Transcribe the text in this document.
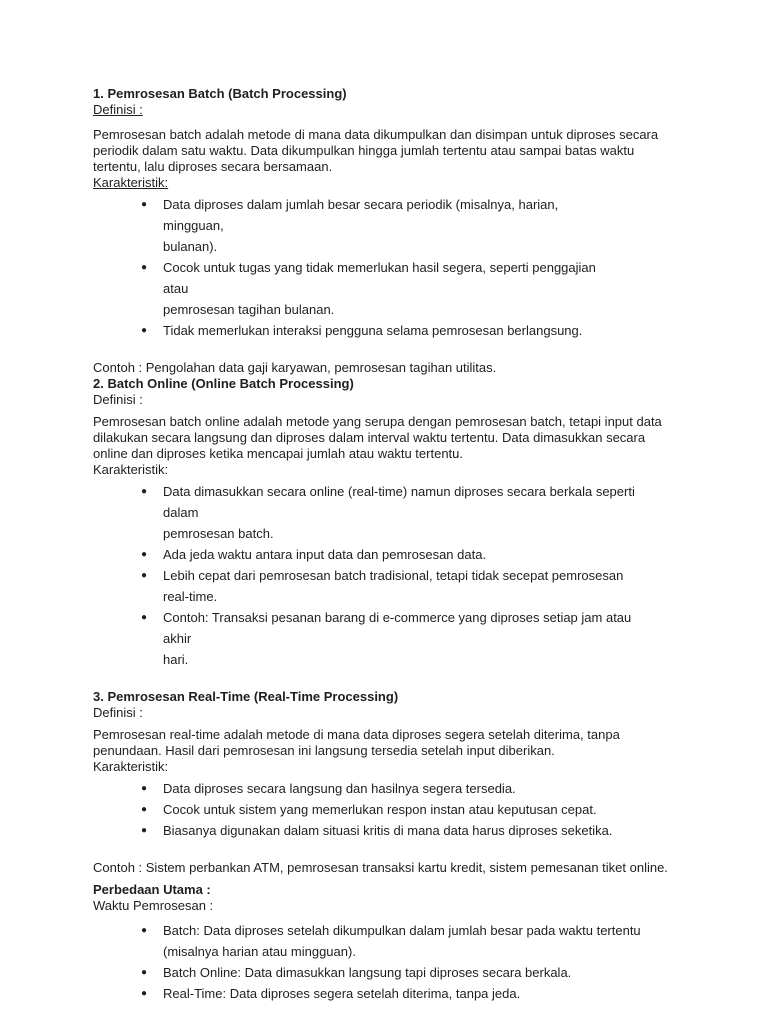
1. Pemrosesan Batch (Batch Processing)
Definisi :
Pemrosesan batch adalah metode di mana data dikumpulkan dan disimpan untuk diproses secara
periodik dalam satu waktu. Data dikumpulkan hingga jumlah tertentu atau sampai batas waktu
tertentu, lalu diproses secara bersamaan.
Karakteristik:
● Data diproses dalam jumlah besar secara periodik (misalnya, harian, mingguan,
bulanan).
● Cocok untuk tugas yang tidak memerlukan hasil segera, seperti penggajian atau
pemrosesan tagihan bulanan.
● Tidak memerlukan interaksi pengguna selama pemrosesan berlangsung.
Contoh : Pengolahan data gaji karyawan, pemrosesan tagihan utilitas.
2. Batch Online (Online Batch Processing)
Definisi :
Pemrosesan batch online adalah metode yang serupa dengan pemrosesan batch, tetapi input data
dilakukan secara langsung dan diproses dalam interval waktu tertentu. Data dimasukkan secara
online dan diproses ketika mencapai jumlah atau waktu tertentu.
Karakteristik:
● Data dimasukkan secara online (real-time) namun diproses secara berkala seperti dalam
pemrosesan batch.
● Ada jeda waktu antara input data dan pemrosesan data.
● Lebih cepat dari pemrosesan batch tradisional, tetapi tidak secepat pemrosesan
real-time.
● Contoh: Transaksi pesanan barang di e-commerce yang diproses setiap jam atau akhir
hari.
3. Pemrosesan Real-Time (Real-Time Processing)
Definisi :
Pemrosesan real-time adalah metode di mana data diproses segera setelah diterima, tanpa
penundaan. Hasil dari pemrosesan ini langsung tersedia setelah input diberikan.
Karakteristik:
● Data diproses secara langsung dan hasilnya segera tersedia.
● Cocok untuk sistem yang memerlukan respon instan atau keputusan cepat.
● Biasanya digunakan dalam situasi kritis di mana data harus diproses seketika.
Contoh : Sistem perbankan ATM, pemrosesan transaksi kartu kredit, sistem pemesanan tiket online.
Perbedaan Utama :
Waktu Pemrosesan :
● Batch: Data diproses setelah dikumpulkan dalam jumlah besar pada waktu tertentu
(misalnya harian atau mingguan).
● Batch Online: Data dimasukkan langsung tapi diproses secara berkala.
● Real-Time: Data diproses segera setelah diterima, tanpa jeda.
